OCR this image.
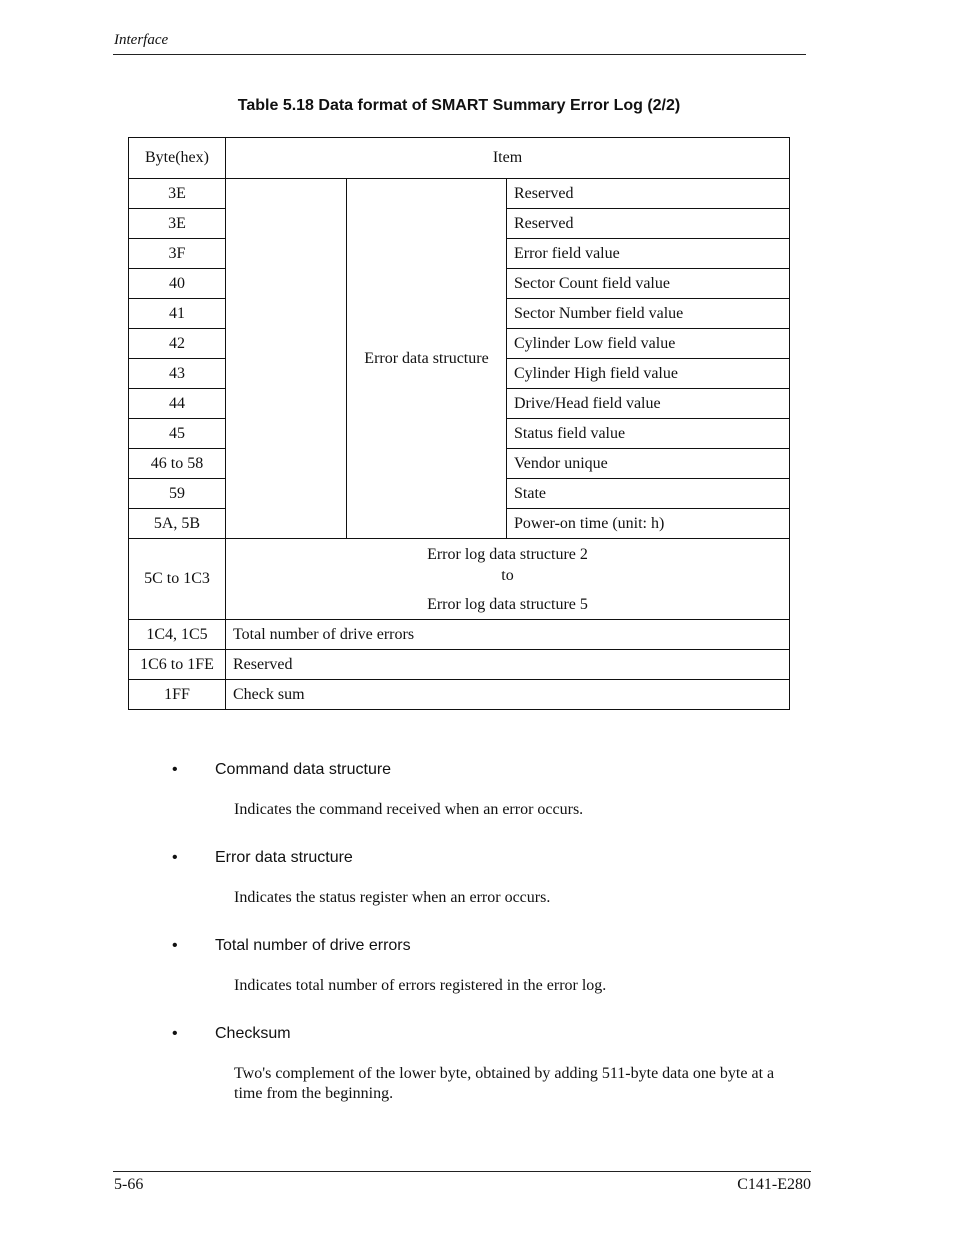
Interface
Table 5.18 Data format of SMART Summary Error Log (2/2)
Byte(hex)	Item		
3E		Error data structure	Reserved
3E			Reserved
3F			Error field value
40			Sector Count field value
41			Sector Number field value
42			Cylinder Low field value
43			Cylinder High field value
44			Drive/Head field value
45			Status field value
46 to 58			Vendor unique
59			State
5A, 5B			Power-on time (unit: h)
5C to 1C3	Error log data structure 2
to
Error log data structure 5		

1C4, 1C5	Total number of drive errors		
1C6 to 1FE	Reserved		
1FF	Check sum		
• Command data structure
Indicates the command received when an error occurs.
• Error data structure
Indicates the status register when an error occurs.
• Total number of drive errors
Indicates total number of errors registered in the error log.
• Checksum
Two's complement of the lower byte, obtained by adding 511-byte data one byte at a time from the beginning.
5-66	C141-E280
